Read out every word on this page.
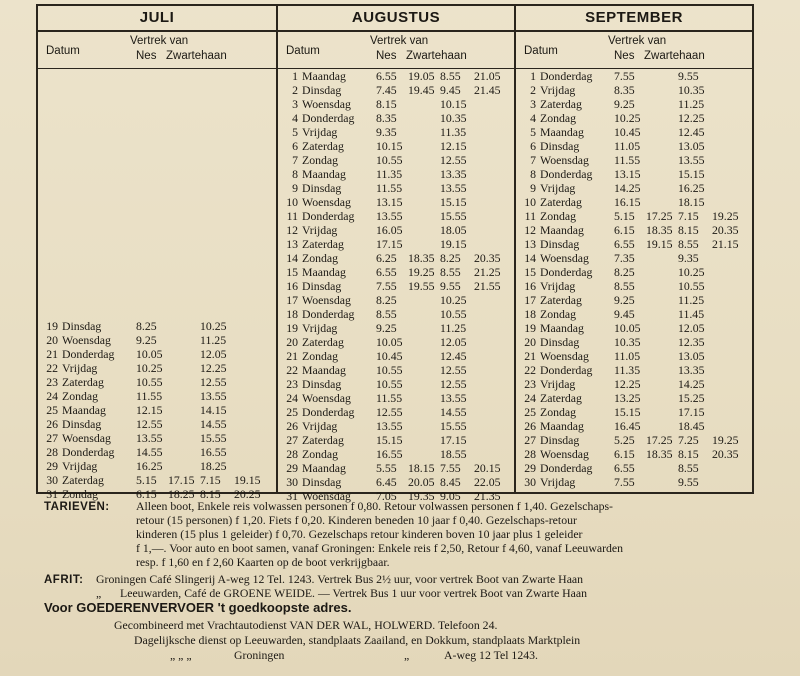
JULI
Datum
Vertrek van
Nes Zwartehaan
19 Dinsdag	8.25	10.25
20 Woensdag 9.25	11.25
21 Donderdag 10.05	12.05
22 Vrijdag	10.25	12.25
23 Zaterdag	10.55	12.55
24 Zondag	11.55	13.55
25 Maandag	12.15	14.15
26 Dinsdag	12.55	14.55
27 Woensdag 13.55	15.55
28 Donderdag 14.55	16.55
29 Vrijdag	16.25	18.25
30 Zaterdag	5.15 17.15 7.15 19.15
31 Zondag	6.15 18.25 8.15 20.25
AUGUSTUS
Datum
Vertrek van
Nes Zwartehaan
1 Maandag	6.55 19.05 8.55 21.05
2 Dinsdag	7.45 19.45 9.45 21.45
3 Woensdag 8.15	10.15
4 Donderdag 8.35	10.35
5 Vrijdag	9.35	11.35
6 Zaterdag	10.15	12.15
7 Zondag	10.55	12.55
8 Maandag	11.35	13.35
9 Dinsdag	11.55	13.55
10 Woensdag 13.15	15.15
11 Donderdag 13.55	15.55
12 Vrijdag	16.05	18.05
13 Zaterdag	17.15	19.15
14 Zondag	6.25 18.35 8.25 20.35
15 Maandag	6.55 19.25 8.55 21.25
16 Dinsdag	7.55 19.55 9.55 21.55
17 Woensdag 8.25	10.25
18 Donderdag 8.55	10.55
19 Vrijdag	9.25	11.25
20 Zaterdag	10.05	12.05
21 Zondag	10.45	12.45
22 Maandag	10.55	12.55
23 Dinsdag	10.55	12.55
24 Woensdag 11.55	13.55
25 Donderdag 12.55	14.55
26 Vrijdag	13.55	15.55
27 Zaterdag	15.15	17.15
28 Zondag	16.55	18.55
29 Maandag	5.55 18.15 7.55 20.15
30 Dinsdag	6.45 20.05 8.45 22.05
31 Woensdag 7.05 19.35 9.05 21.35
SEPTEMBER
Datum
Vertrek van
Nes Zwartehaan
1 Donderdag 7.55	9.55
2 Vrijdag	8.35	10.35
3 Zaterdag	9.25	11.25
4 Zondag	10.25	12.25
5 Maandag	10.45	12.45
6 Dinsdag	11.05	13.05
7 Woensdag 11.55	13.55
8 Donderdag 13.15	15.15
9 Vrijdag	14.25	16.25
10 Zaterdag	16.15	18.15
11 Zondag	5.15 17.25 7.15 19.25
12 Maandag	6.15 18.35 8.15 20.35
13 Dinsdag	6.55 19.15 8.55 21.15
14 Woensdag 7.35	9.35
15 Donderdag 8.25	10.25
16 Vrijdag	8.55	10.55
17 Zaterdag	9.25	11.25
18 Zondag	9.45	11.45
19 Maandag	10.05	12.05
20 Dinsdag	10.35	12.35
21 Woensdag 11.05	13.05
22 Donderdag 11.35	13.35
23 Vrijdag	12.25	14.25
24 Zaterdag	13.25	15.25
25 Zondag	15.15	17.15
26 Maandag	16.45	18.45
27 Dinsdag	5.25 17.25 7.25 19.25
28 Woensdag 6.15 18.35 8.15 20.35
29 Donderdag 6.55	8.55
30 Vrijdag	7.55	9.55
TARIEVEN: Alleen boot, Enkele reis volwassen personen f 0,80. Retour volwassen personen f 1,40. Gezelschaps-
retour (15 personen) f 1,20. Fiets f 0,20. Kinderen beneden 10 jaar f 0,40. Gezelschaps-retour
kinderen (15 plus 1 geleider) f 0,70. Gezelschaps retour kinderen boven 10 jaar plus 1 geleider
f 1,—. Voor auto en boot samen, vanaf Groningen: Enkele reis f 2,50, Retour f 4,60, vanaf Leeuwarden
resp. f 1,60 en f 2,60 Kaarten op de boot verkrijgbaar.
AFRIT: Groningen Café Slingerij A-weg 12 Tel. 1243. Vertrek Bus 2½ uur, voor vertrek Boot van Zwarte Haan
„ Leeuwarden, Café de GROENE WEIDE. — Vertrek Bus 1 uur voor vertrek Boot van Zwarte Haan
Voor GOEDERENVERVOER 't goedkoopste adres.
Gecombineerd met Vrachtautodienst VAN DER WAL, HOLWERD. Telefoon 24.
Dagelijksche dienst op Leeuwarden, standplaats Zaailand, en Dokkum, standplaats Marktplein
„ „ „	Groningen	„	A-weg 12 Tel 1243.
